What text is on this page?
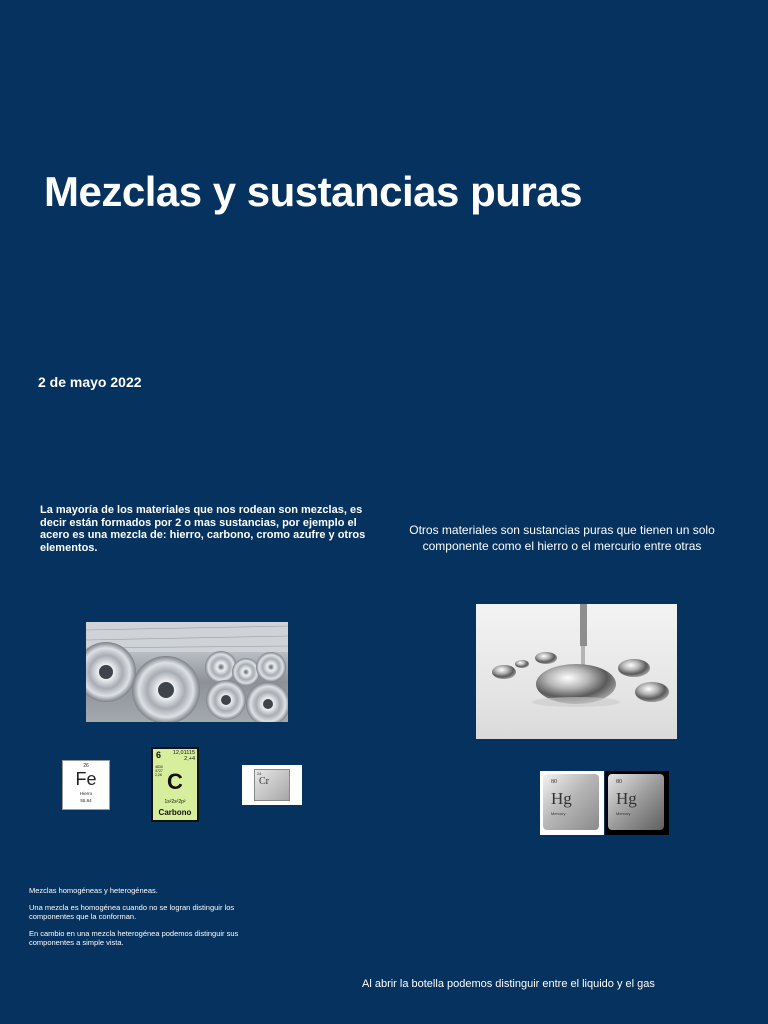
Mezclas y sustancias puras
2 de mayo 2022
La mayoría de los materiales que nos rodean son mezclas, es decir están formados por 2 o mas sustancias, por ejemplo el acero es una mezcla de: hierro, carbono, cromo azufre y otros elementos.
Otros materiales son sustancias puras que tienen un solo componente como el hierro o el mercurio entre otras
26
Fe
Hierro
55.84
6 12,01115
2,+4
4830
3727
2,26 C
1s²2s²2p²
Carbono
24
Cr	80
Hg
Mercury
80
Hg
Mercury

Mezclas homogéneas y heterogéneas.

Una mezcla es homogénea cuando no se logran distinguir los componentes que la conforman.

En cambio en una mezcla heterogénea podemos distinguir sus componentes a simple vista.

Al abrir la botella podemos distinguir entre el liquido y el gas
